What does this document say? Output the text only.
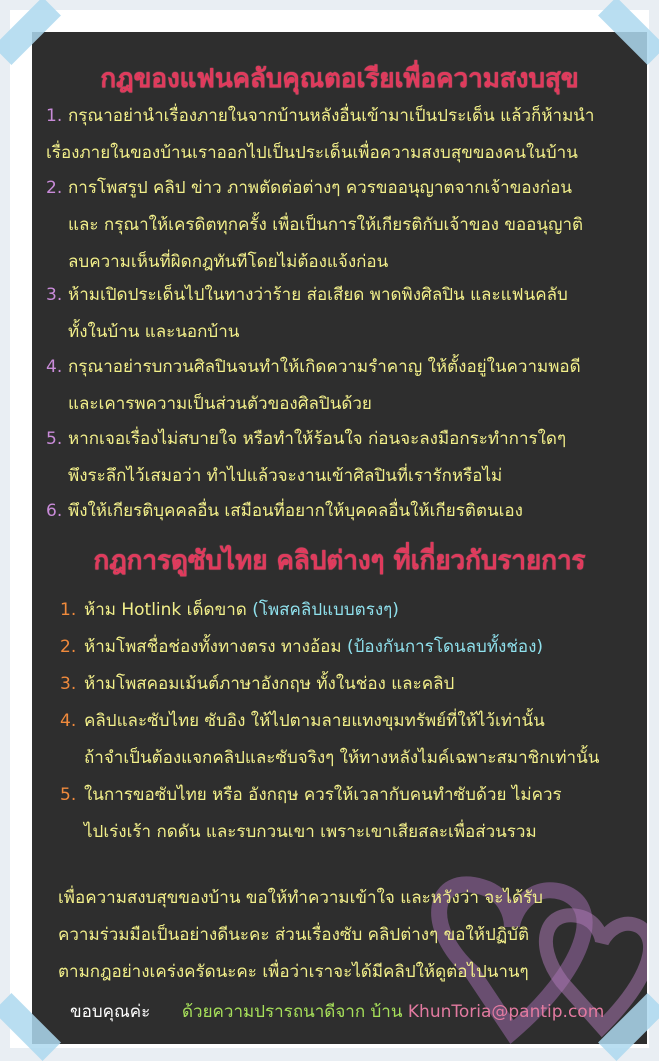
กฎของแฟนคลับคุณตอเรียเพื่อความสงบสุข
1. กรุณาอย่านำเรื่องภายในจากบ้านหลังอื่นเข้ามาเป็นประเด็น แล้วก็ห้ามนำ
เรื่องภายในของบ้านเราออกไปเป็นประเด็นเพื่อความสงบสุขของคนในบ้าน
2. การโพสรูป คลิป ข่าว ภาพตัดต่อต่างๆ ควรขออนุญาตจากเจ้าของก่อน
และ กรุณาให้เครดิตทุกครั้ง เพื่อเป็นการให้เกียรติกับเจ้าของ ขออนุญาติ
ลบความเห็นที่ผิดกฎทันทีโดยไม่ต้องแจ้งก่อน
3. ห้ามเปิดประเด็นไปในทางว่าร้าย ส่อเสียด พาดพิงศิลปิน และแฟนคลับ
ทั้งในบ้าน และนอกบ้าน
4. กรุณาอย่ารบกวนศิลปินจนทำให้เกิดความรำคาญ ให้ตั้งอยู่ในความพอดี
และเคารพความเป็นส่วนตัวของศิลปินด้วย
5. หากเจอเรื่องไม่สบายใจ หรือทำให้ร้อนใจ ก่อนจะลงมือกระทำการใดๆ
พึงระลึกไว้เสมอว่า ทำไปแล้วจะงานเข้าศิลปินที่เรารักหรือไม่
6. พึงให้เกียรติบุคคลอื่น เสมือนที่อยากให้บุคคลอื่นให้เกียรติตนเอง
กฎการดูซับไทย คลิปต่างๆ ที่เกี่ยวกับรายการ
1. ห้าม Hotlink เด็ดขาด (โพสคลิปแบบตรงๆ)
2. ห้ามโพสชื่อช่องทั้งทางตรง ทางอ้อม (ป้องกันการโดนลบทั้งช่อง)
3. ห้ามโพสคอมเม้นต์ภาษาอังกฤษ ทั้งในช่อง และคลิป
4. คลิปและซับไทย ซับอิง ให้ไปตามลายแทงขุมทรัพย์ที่ให้ไว้เท่านั้น
ถ้าจำเป็นต้องแจกคลิปและซับจริงๆ ให้ทางหลังไมค์เฉพาะสมาชิกเท่านั้น
5. ในการขอซับไทย หรือ อังกฤษ ควรให้เวลากับคนทำซับด้วย ไม่ควร
ไปเร่งเร้า กดดัน และรบกวนเขา เพราะเขาเสียสละเพื่อส่วนรวม
เพื่อความสงบสุขของบ้าน ขอให้ทำความเข้าใจ และหวังว่า จะได้รับ
ความร่วมมือเป็นอย่างดีนะคะ ส่วนเรื่องซับ คลิปต่างๆ ขอให้ปฏิบัติ
ตามกฎอย่างเคร่งครัดนะคะ เพื่อว่าเราจะได้มีคลิปให้ดูต่อไปนานๆ
ขอบคุณค่ะ ด้วยความปรารถนาดีจาก บ้าน KhunToria@pantip.com
